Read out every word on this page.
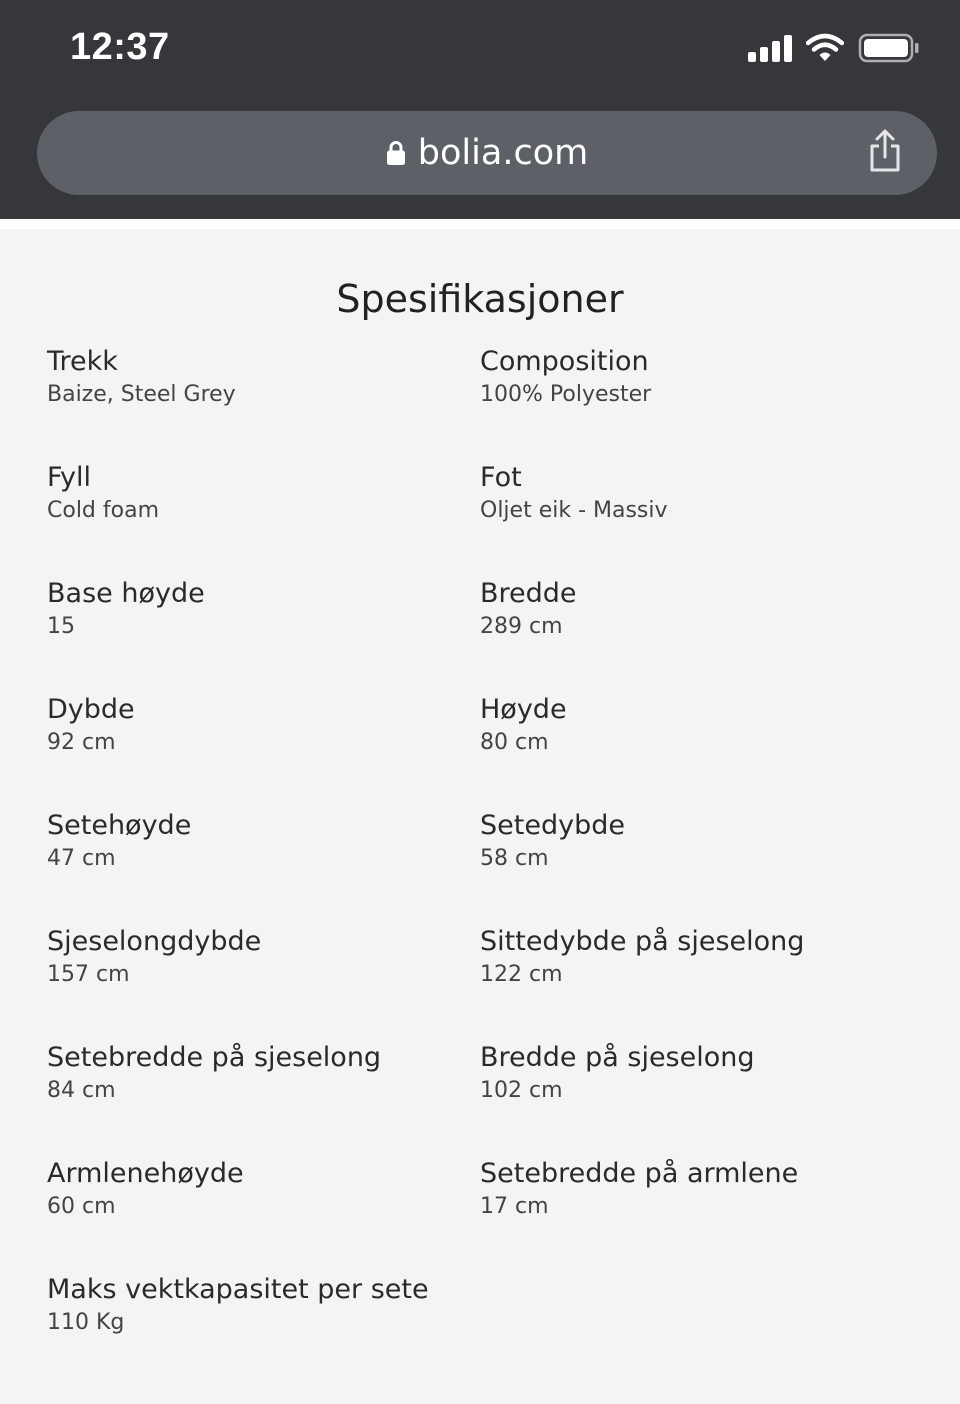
12:37
bolia.com
Spesifikasjoner
Trekk
Baize, Steel Grey
Composition
100% Polyester
Fyll
Cold foam
Fot
Oljet eik - Massiv
Base høyde
15
Bredde
289 cm
Dybde
92 cm
Høyde
80 cm
Setehøyde
47 cm
Setedybde
58 cm
Sjeselongdybde
157 cm
Sittedybde på sjeselong
122 cm
Setebredde på sjeselong
84 cm
Bredde på sjeselong
102 cm
Armlenehøyde
60 cm
Setebredde på armlene
17 cm
Maks vektkapasitet per sete
110 Kg
